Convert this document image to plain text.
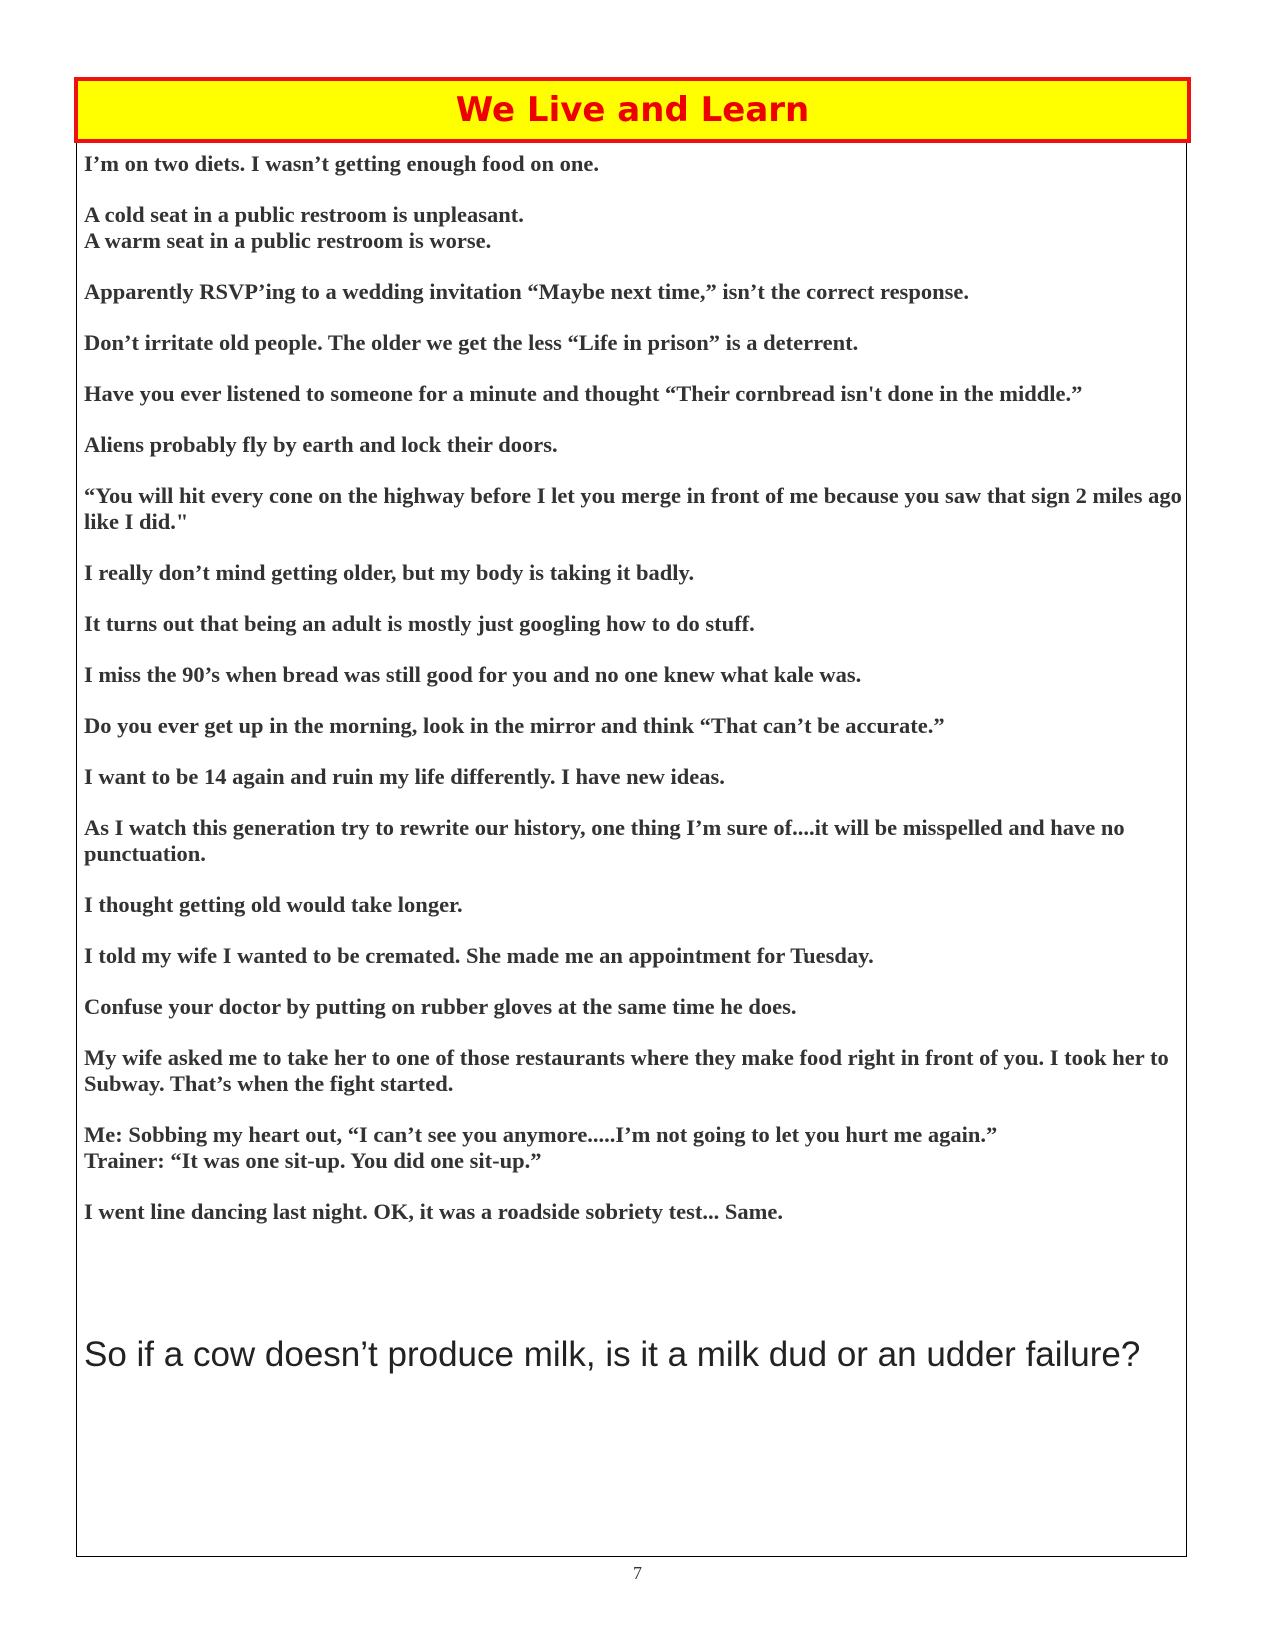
We Live and Learn
I’m on two diets. I wasn’t getting enough food on one.
A cold seat in a public restroom is unpleasant.
A warm seat in a public restroom is worse.
Apparently RSVP’ing to a wedding invitation “Maybe next time,” isn’t the correct response.
Don’t irritate old people. The older we get the less “Life in prison” is a deterrent.
Have you ever listened to someone for a minute and thought “Their cornbread isn't done in the middle.”
Aliens probably fly by earth and lock their doors.
“You will hit every cone on the highway before I let you merge in front of me because you saw that sign 2 miles ago like I did."
I really don’t mind getting older, but my body is taking it badly.
It turns out that being an adult is mostly just googling how to do stuff.
I miss the 90’s when bread was still good for you and no one knew what kale was.
Do you ever get up in the morning, look in the mirror and think “That can’t be accurate.”
I want to be 14 again and ruin my life differently. I have new ideas.
As I watch this generation try to rewrite our history, one thing I’m sure of....it will be misspelled and have no punctuation.
I thought getting old would take longer.
I told my wife I wanted to be cremated. She made me an appointment for Tuesday.
Confuse your doctor by putting on rubber gloves at the same time he does.
My wife asked me to take her to one of those restaurants where they make food right in front of you. I took her to Subway. That’s when the fight started.
Me: Sobbing my heart out, “I can’t see you anymore.....I’m not going to let you hurt me again.”
Trainer: “It was one sit-up. You did one sit-up.”
I went line dancing last night. OK, it was a roadside sobriety test... Same.
So if a cow doesn’t produce milk, is it a milk dud or an udder failure?
7
